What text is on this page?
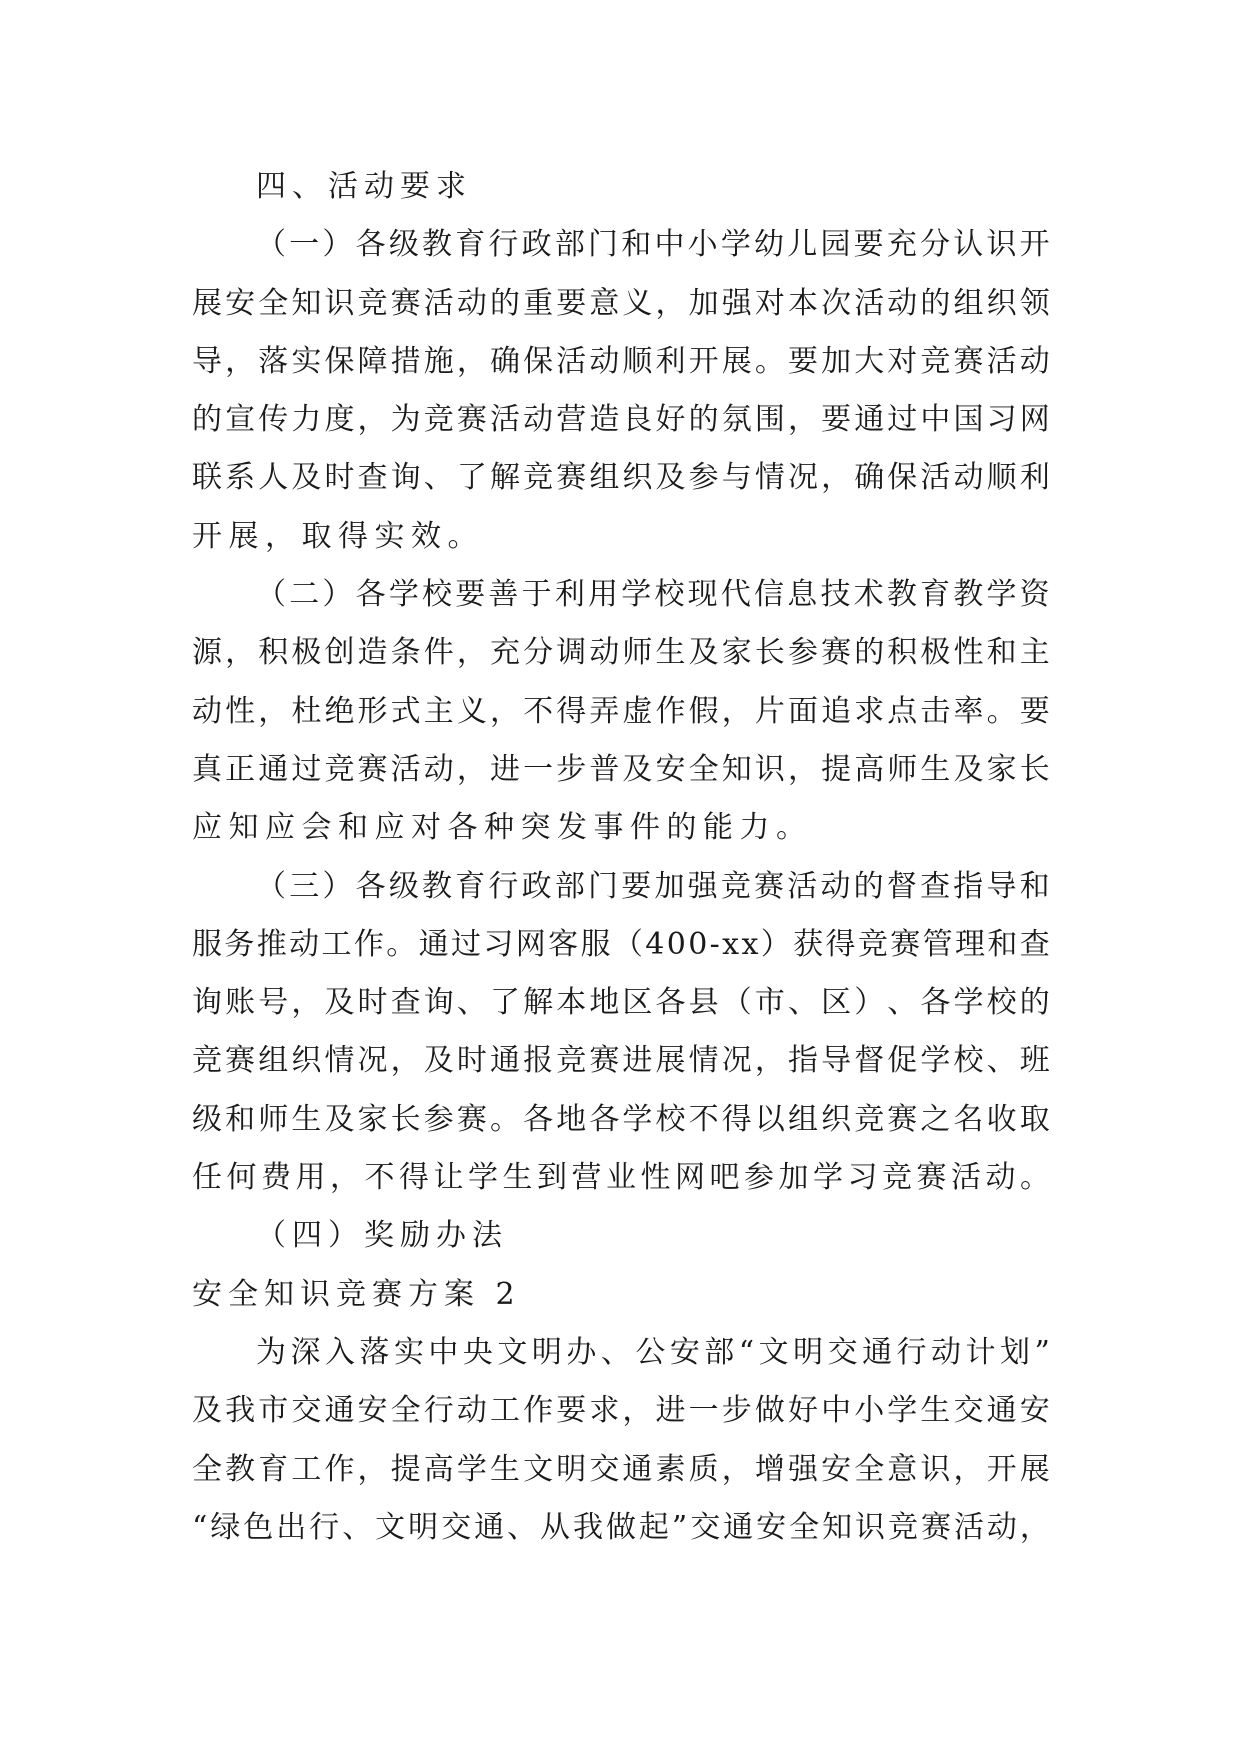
四、活动要求
（ 一 ） 各 级 教 育 行 政 部 门 和 中 小 学 幼 儿 园 要 充 分 认 识 开
展 安 全 知 识 竞 赛 活 动 的 重 要 意 义 ， 加 强 对 本 次 活 动 的 组 织 领
导 ， 落 实 保 障 措 施 ， 确 保 活 动 顺 利 开 展 。 要 加 大 对 竞 赛 活 动
的 宣 传 力 度 ， 为 竞 赛 活 动 营 造 良 好 的 氛 围 ， 要 通 过 中 国 习 网
联 系 人 及 时 查 询 、 了 解 竞 赛 组 织 及 参 与 情 况 ， 确 保 活 动 顺 利
开展，取得实效。
（ 二 ） 各 学 校 要 善 于 利 用 学 校 现 代 信 息 技 术 教 育 教 学 资
源 ， 积 极 创 造 条 件 ， 充 分 调 动 师 生 及 家 长 参 赛 的 积 极 性 和 主
动 性 ， 杜 绝 形 式 主 义 ， 不 得 弄 虚 作 假 ， 片 面 追 求 点 击 率 。 要
真 正 通 过 竞 赛 活 动 ， 进 一 步 普 及 安 全 知 识 ， 提 高 师 生 及 家 长
应知应会和应对各种突发事件的能力。
（ 三 ） 各 级 教 育 行 政 部 门 要 加 强 竞 赛 活 动 的 督 查 指 导 和
服 务 推 动 工 作 。 通 过 习 网 客 服 （ 4 0 0 - x x ） 获 得 竞 赛 管 理 和 查
询 账 号 ， 及 时 查 询 、 了 解 本 地 区 各 县 （ 市 、 区 ） 、 各 学 校 的
竞 赛 组 织 情 况 ， 及 时 通 报 竞 赛 进 展 情 况 ， 指 导 督 促 学 校 、 班
级 和 师 生 及 家 长 参 赛 。 各 地 各 学 校 不 得 以 组 织 竞 赛 之 名 收 取
任 何 费 用 ， 不 得 让 学 生 到 营 业 性 网 吧 参 加 学 习 竞 赛 活 动 。
（四）奖励办法
安全知识竞赛方案 2
为 深 入 落 实 中 央 文 明 办 、 公 安 部 “ 文 明 交 通 行 动 计 划 ”
及 我 市 交 通 安 全 行 动 工 作 要 求 ， 进 一 步 做 好 中 小 学 生 交 通 安
全 教 育 工 作 ， 提 高 学 生 文 明 交 通 素 质 ， 增 强 安 全 意 识 ， 开 展
“ 绿 色 出 行 、 文 明 交 通 、 从 我 做 起 ” 交 通 安 全 知 识 竞 赛 活 动 ，
